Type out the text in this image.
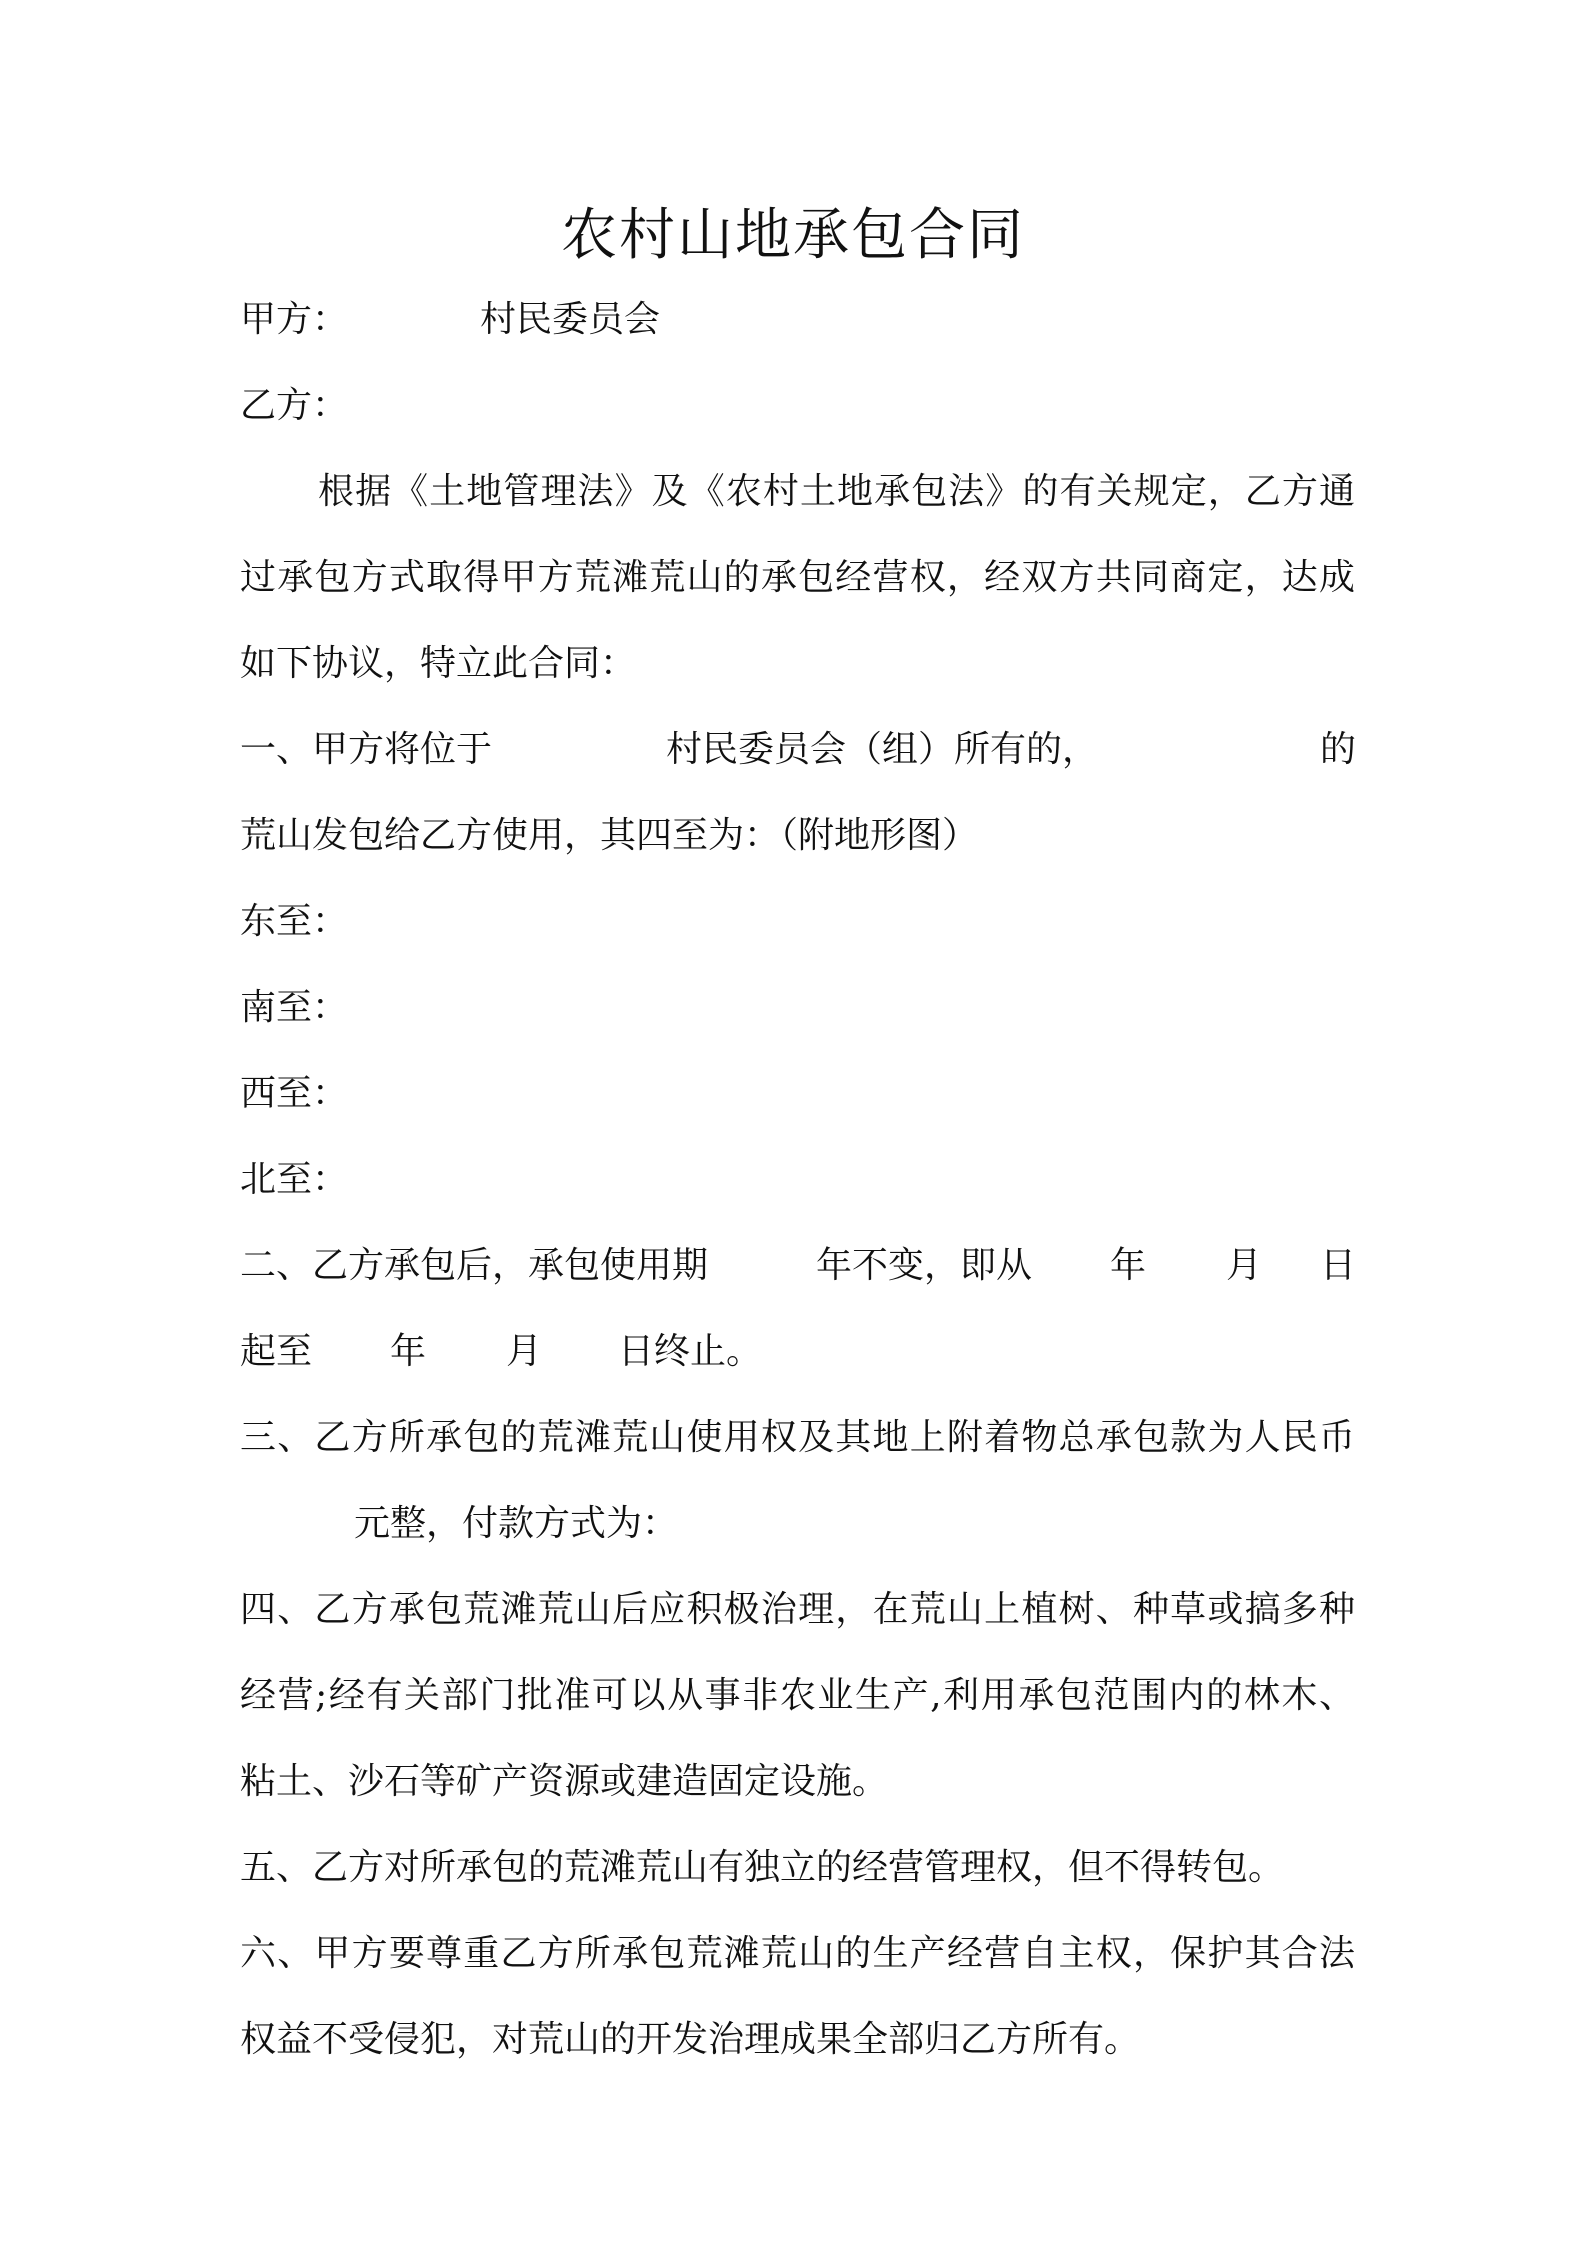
农村山地承包合同
甲方：	村民委员会
乙方：
根据《土地管理法》及《农村土地承包法》的有关规定，乙方通
过承包方式取得甲方荒滩荒山的承包经营权，经双方共同商定，达成
如下协议，特立此合同：
一、甲方将位于	村民委员会（组）所有的，	的
荒山发包给乙方使用，其四至为：（附地形图）
东至：
南至：
西至：
北至：
二、乙方承包后，承包使用期	年不变，即从 年 月 日
起至 年 月 日终止。
三、乙方所承包的荒滩荒山使用权及其地上附着物总承包款为人民币
元整，付款方式为：
四、乙方承包荒滩荒山后应积极治理，在荒山上植树、种草或搞多种
经营;经有关部门批准可以从事非农业生产,利用承包范围内的林木、
粘土、沙石等矿产资源或建造固定设施。
五、乙方对所承包的荒滩荒山有独立的经营管理权，但不得转包。
六、甲方要尊重乙方所承包荒滩荒山的生产经营自主权，保护其合法
权益不受侵犯，对荒山的开发治理成果全部归乙方所有。
